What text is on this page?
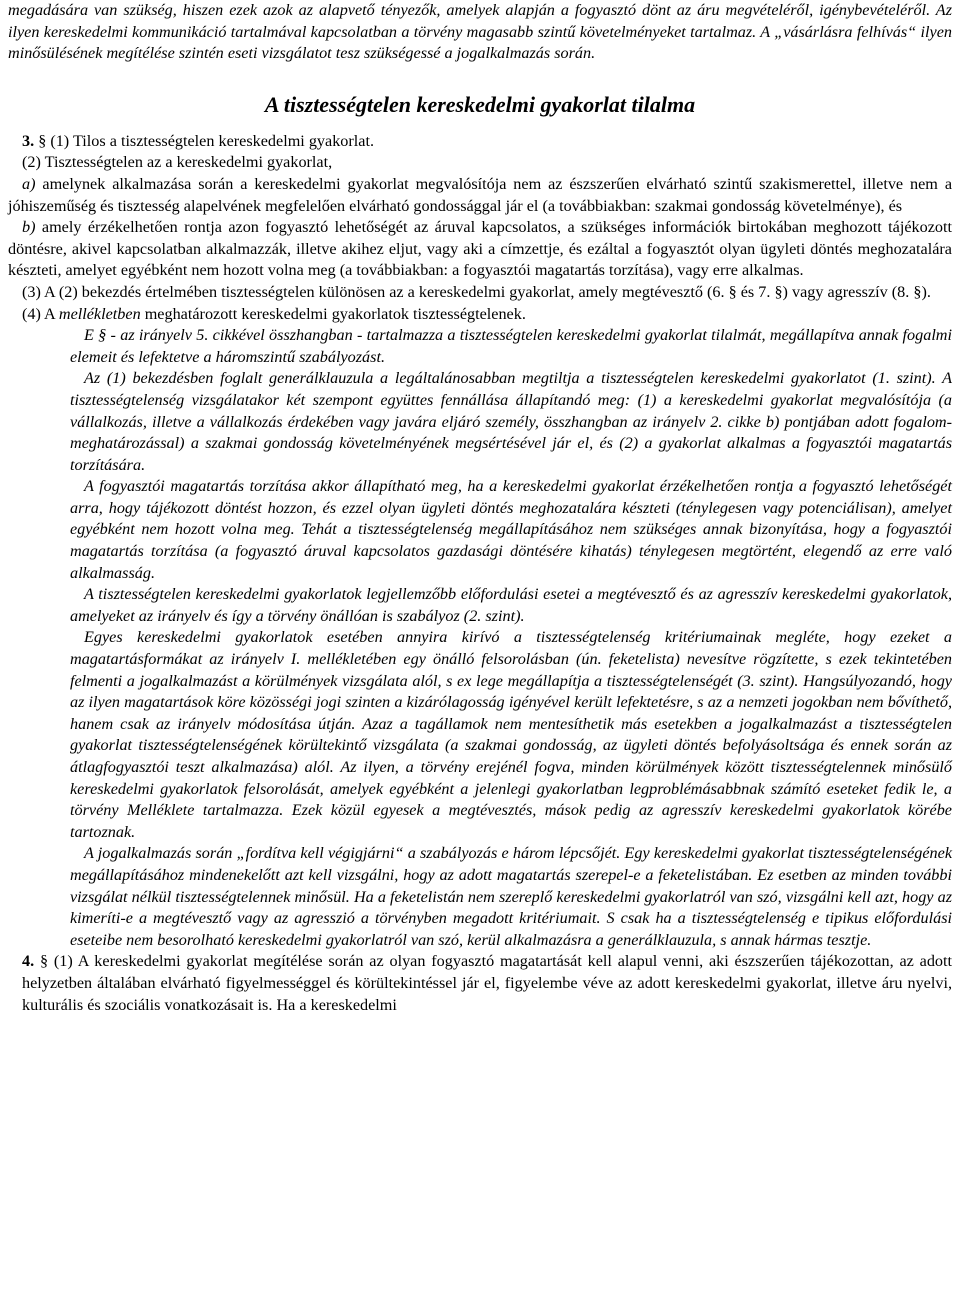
megadására van szükség, hiszen ezek azok az alapvető tényezők, amelyek alapján a fogyasztó dönt az áru megvételéről, igénybevételéről. Az ilyen kereskedelmi kommunikáció tartalmával kapcsolatban a törvény magasabb szintű követelményeket tartalmaz. A „vásárlásra felhívás“ ilyen minősülésének megítélése szintén eseti vizsgálatot tesz szükségessé a jogalkalmazás során.

A tisztességtelen kereskedelmi gyakorlat tilalma

3. § (1) Tilos a tisztességtelen kereskedelmi gyakorlat.

(2) Tisztességtelen az a kereskedelmi gyakorlat,

a) amelynek alkalmazása során a kereskedelmi gyakorlat megvalósítója nem az észszerűen elvárható szintű szakismerettel, illetve nem a jóhiszeműség és tisztesség alapelvének megfelelően elvárható gondossággal jár el (a továbbiakban: szakmai gondosság követelménye), és

b) amely érzékelhetően rontja azon fogyasztó lehetőségét az áruval kapcsolatos, a szükséges információk birtokában meghozott tájékozott döntésre, akivel kapcsolatban alkalmazzák, illetve akihez eljut, vagy aki a címzettje, és ezáltal a fogyasztót olyan ügyleti döntés meghozatalára készteti, amelyet egyébként nem hozott volna meg (a továbbiakban: a fogyasztói magatartás torzítása), vagy erre alkalmas.

(3) A (2) bekezdés értelmében tisztességtelen különösen az a kereskedelmi gyakorlat, amely megtévesztő (6. § és 7. §) vagy agresszív (8. §).

(4) A mellékletben meghatározott kereskedelmi gyakorlatok tisztességtelenek.

E § - az irányelv 5. cikkével összhangban - tartalmazza a tisztességtelen kereskedelmi gyakorlat tilalmát, megállapítva annak fogalmi elemeit és lefektetve a háromszintű szabályozást.

Az (1) bekezdésben foglalt generálklauzula a legáltalánosabban megtiltja a tisztességtelen kereskedelmi gyakorlatot (1. szint). A tisztességtelenség vizsgálatakor két szempont együttes fennállása állapítandó meg: (1) a kereskedelmi gyakorlat megvalósítója (a vállalkozás, illetve a vállalkozás érdekében vagy javára eljáró személy, összhangban az irányelv 2. cikke b) pontjában adott fogalom-meghatározással) a szakmai gondosság követelményének megsértésével jár el, és (2) a gyakorlat alkalmas a fogyasztói magatartás torzítására.

A fogyasztói magatartás torzítása akkor állapítható meg, ha a kereskedelmi gyakorlat érzékelhetően rontja a fogyasztó lehetőségét arra, hogy tájékozott döntést hozzon, és ezzel olyan ügyleti döntés meghozatalára készteti (ténylegesen vagy potenciálisan), amelyet egyébként nem hozott volna meg. Tehát a tisztességtelenség megállapításához nem szükséges annak bizonyítása, hogy a fogyasztói magatartás torzítása (a fogyasztó áruval kapcsolatos gazdasági döntésére kihatás) ténylegesen megtörtént, elegendő az erre való alkalmasság.

A tisztességtelen kereskedelmi gyakorlatok legjellemzőbb előfordulási esetei a megtévesztő és az agresszív kereskedelmi gyakorlatok, amelyeket az irányelv és így a törvény önállóan is szabályoz (2. szint).

Egyes kereskedelmi gyakorlatok esetében annyira kirívó a tisztességtelenség kritériumainak megléte, hogy ezeket a magatartásformákat az irányelv I. mellékletében egy önálló felsorolásban (ún. feketelista) nevesítve rögzítette, s ezek tekintetében felmenti a jogalkalmazást a körülmények vizsgálata alól, s ex lege megállapítja a tisztességtelenségét (3. szint). Hangsúlyozandó, hogy az ilyen magatartások köre közösségi jogi szinten a kizárólagosság igényével került lefektetésre, s az a nemzeti jogokban nem bővíthető, hanem csak az irányelv módosítása útján. Azaz a tagállamok nem mentesíthetik más esetekben a jogalkalmazást a tisztességtelen gyakorlat tisztességtelenségének körültekintő vizsgálata (a szakmai gondosság, az ügyleti döntés befolyásoltsága és ennek során az átlagfogyasztói teszt alkalmazása) alól. Az ilyen, a törvény erejénél fogva, minden körülmények között tisztességtelennek minősülő kereskedelmi gyakorlatok felsorolását, amelyek egyébként a jelenlegi gyakorlatban legproblémásabbnak számító eseteket fedik le, a törvény Melléklete tartalmazza. Ezek közül egyesek a megtévesztés, mások pedig az agresszív kereskedelmi gyakorlatok körébe tartoznak.

A jogalkalmazás során „fordítva kell végigjárni“ a szabályozás e három lépcsőjét. Egy kereskedelmi gyakorlat tisztességtelenségének megállapításához mindenekelőtt azt kell vizsgálni, hogy az adott magatartás szerepel-e a feketelistában. Ez esetben az minden további vizsgálat nélkül tisztességtelennek minősül. Ha a feketelistán nem szereplő kereskedelmi gyakorlatról van szó, vizsgálni kell azt, hogy az kimeríti-e a megtévesztő vagy az agresszió a törvényben megadott kritériumait. S csak ha a tisztességtelenség e tipikus előfordulási eseteibe nem besorolható kereskedelmi gyakorlatról van szó, kerül alkalmazásra a generálklauzula, s annak hármas tesztje.

4. § (1) A kereskedelmi gyakorlat megítélése során az olyan fogyasztó magatartását kell alapul venni, aki észszerűen tájékozottan, az adott helyzetben általában elvárható figyelmességgel és körültekintéssel jár el, figyelembe véve az adott kereskedelmi gyakorlat, illetve áru nyelvi, kulturális és szociális vonatkozásait is. Ha a kereskedelmi
